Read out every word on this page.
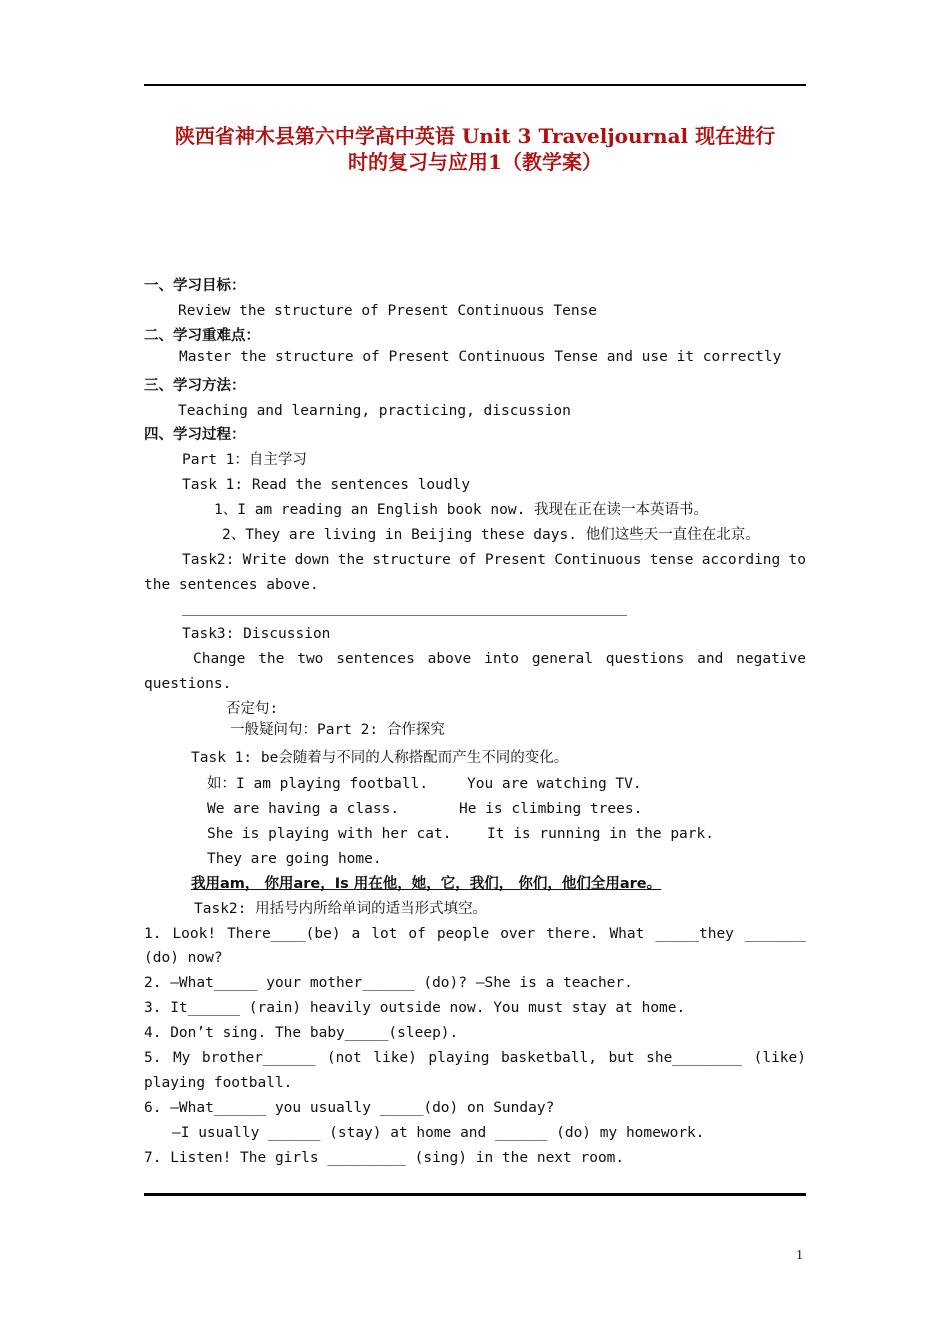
陕西省神木县第六中学高中英语 Unit 3 Traveljournal 现在进行
时的复习与应用1（教学案）
一、学习目标：
Review the structure of Present Continuous Tense
二、学习重难点：
Master the structure of Present Continuous Tense and use it correctly
三、学习方法：
Teaching and learning, practicing, discussion
四、学习过程：
Part 1：自主学习
Task 1: Read the sentences loudly
1、I am reading an English book now. 我现在正在读一本英语书。
2、They are living in Beijing these days. 他们这些天一直住在北京。
Task2: Write down the structure of Present Continuous tense according to
the sentences above.
Task3: Discussion
Change the two sentences above into general questions and negative
questions.
否定句:
一般疑问句：Part 2: 合作探究
Task 1: be会随着与不同的人称搭配而产生不同的变化。
如：I am playing football.	You are watching TV.
We are having a class.	He is climbing trees.
She is playing with her cat. It is running in the park.
They are going home.
我用am， 你用are，Is 用在他，她，它，我们， 你们，他们全用are。
Task2: 用括号内所给单词的适当形式填空。
1. Look! There____(be) a lot of people over there. What _____they _______
(do) now?
2. —What_____ your mother______ (do)? —She is a teacher.
3. It______ (rain) heavily outside now. You must stay at home.
4. Don’t sing. The baby_____(sleep).
5. My brother______ (not like) playing basketball, but she________ (like)
playing football.
6. —What______ you usually _____(do) on Sunday?
—I usually ______ (stay) at home and ______ (do) my homework.
7. Listen! The girls _________ (sing) in the next room.
1
